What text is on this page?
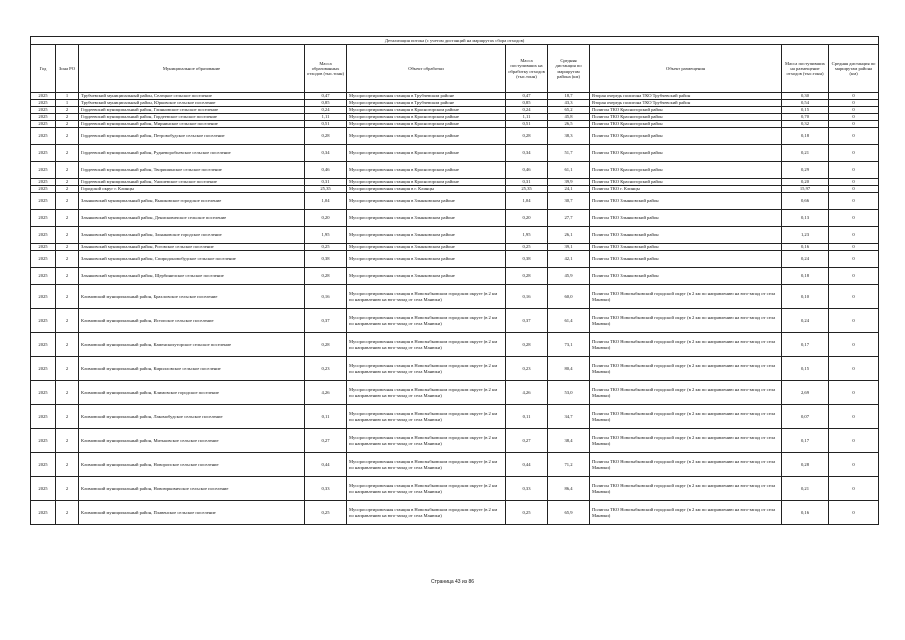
Детализация потока (с учетом дистанций на маршрутах сбора отходов)									
Год	Зона РО	Муниципальное образование	Масса образованных отходов (тыс.тонн)	Объект обработки	Масса поступивших на обработку отходов (тыс.тонн)	Средняя дистанция по маршрутам района (км)	Объект размещения	Масса поступивших на размещение отходов (тыс.тонн)	Средняя дистанция по маршрутам района (км)
2025	1	Трубчевский муниципальный район, Селецкое сельское поселение	0,47	Мусоросортировочная станция в Трубчевском районе	0,47	18,7	Вторая очередь полигона ТКО Трубчевский район	0,30	0
2025	1	Трубчевский муниципальный район, Юрковское сельское поселение	0,85	Мусоросортировочная станция в Трубчевском районе	0,85	43,3	Вторая очередь полигона ТКО Трубчевский район	0,54	0
2025	2	Гордеевский муниципальный район, Глинновское сельское поселение	0,24	Мусоросортировочная станция в Красногорском районе	0,24	65,2	Полигон ТКО Красногорский район	0,15	0
2025	2	Гордеевский муниципальный район, Гордеевское сельское поселение	1,11	Мусоросортировочная станция в Красногорском районе	1,11	45,8	Полигон ТКО Красногорский район	0,70	0
2025	2	Гордеевский муниципальный район, Мирнинское сельское поселение	0,51	Мусоросортировочная станция в Красногорском районе	0,51	26,5	Полигон ТКО Красногорский район	0,32	0
2025	2	Гордеевский муниципальный район, Петровобудское сельское поселение	0,28	Мусоросортировочная станция в Красногорском районе	0,28	38,3	Полигон ТКО Красногорский район	0,18	0
2025	2	Гордеевский муниципальный район, Рудневоробьевское сельское поселение	0,34	Мусоросортировочная станция в Красногорском районе	0,34	51,7	Полигон ТКО Красногорский район	0,21	0
2025	2	Гордеевский муниципальный район, Творишинское сельское поселение	0,46	Мусоросортировочная станция в Красногорском районе	0,46	61,1	Полигон ТКО Красногорский район	0,29	0
2025	2	Гордеевский муниципальный район, Уношевское сельское поселение	0,31	Мусоросортировочная станция в Красногорском районе	0,31	39,9	Полигон ТКО Красногорский район	0,20	0
2025	2	Городской округ г. Клинцы	25,35	Мусоросортировочная станция в г. Клинцы	25,35	24,1	Полигон ТКО г. Клинцы	15,97	0
2025	2	Злынковский муниципальный район, Вышковское городское поселение	1,04	Мусоросортировочная станция в Злынковском районе	1,04	30,7	Полигон ТКО Злынковский район	0,66	0
2025	2	Злынковский муниципальный район, Денисковичское сельское поселение	0,20	Мусоросортировочная станция в Злынковском районе	0,20	27,7	Полигон ТКО Злынковский район	0,13	0
2025	2	Злынковский муниципальный район, Злынковское городское поселение	1,95	Мусоросортировочная станция в Злынковском районе	1,95	26,1	Полигон ТКО Злынковский район	1,23	0
2025	2	Злынковский муниципальный район, Роговское сельское поселение	0,25	Мусоросортировочная станция в Злынковском районе	0,25	39,1	Полигон ТКО Злынковский район	0,16	0
2025	2	Злынковский муниципальный район, Спиридоновобудское сельское поселение	0,38	Мусоросортировочная станция в Злынковском районе	0,38	42,1	Полигон ТКО Злынковский район	0,24	0
2025	2	Злынковский муниципальный район, Щербиничское сельское поселение	0,28	Мусоросортировочная станция в Злынковском районе	0,28	45,9	Полигон ТКО Злынковский район	0,18	0
2025	2	Климовский муниципальный район, Брахловское сельское поселение	0,16	Мусоросортировочная станция в Новозыбковском городском округе (в 2 км по направлению на юго-запад от села Манюки)	0,16	60,0	Полигон ТКО Новозыбковский городской округ (в 2 км по направлению на юго-запад от села Манюки)	0,10	0
2025	2	Климовский муниципальный район, Истопское сельское поселение	0,37	Мусоросортировочная станция в Новозыбковском городском округе (в 2 км по направлению на юго-запад от села Манюки)	0,37	61,4	Полигон ТКО Новозыбковский городской округ (в 2 км по направлению на юго-запад от села Манюки)	0,24	0
2025	2	Климовский муниципальный район, Каменскохуторское сельское поселение	0,28	Мусоросортировочная станция в Новозыбковском городском округе (в 2 км по направлению на юго-запад от села Манюки)	0,28	73,1	Полигон ТКО Новозыбковский городской округ (в 2 км по направлению на юго-запад от села Манюки)	0,17	0
2025	2	Климовский муниципальный район, Кирилловское сельское поселение	0,23	Мусоросортировочная станция в Новозыбковском городском округе (в 2 км по направлению на юго-запад от села Манюки)	0,23	80,4	Полигон ТКО Новозыбковский городской округ (в 2 км по направлению на юго-запад от села Манюки)	0,15	0
2025	2	Климовский муниципальный район, Климовское городское поселение	4,26	Мусоросортировочная станция в Новозыбковском городском округе (в 2 км по направлению на юго-запад от села Манюки)	4,26	53,0	Полигон ТКО Новозыбковский городской округ (в 2 км по направлению на юго-запад от села Манюки)	2,69	0
2025	2	Климовский муниципальный район, Лакомобудское сельское поселение	0,11	Мусоросортировочная станция в Новозыбковском городском округе (в 2 км по направлению на юго-запад от села Манюки)	0,11	34,7	Полигон ТКО Новозыбковский городской округ (в 2 км по направлению на юго-запад от села Манюки)	0,07	0
2025	2	Климовский муниципальный район, Митьковское сельское поселение	0,27	Мусоросортировочная станция в Новозыбковском городском округе (в 2 км по направлению на юго-запад от села Манюки)	0,27	38,4	Полигон ТКО Новозыбковский городской округ (в 2 км по направлению на юго-запад от села Манюки)	0,17	0
2025	2	Климовский муниципальный район, Новоропское сельское поселение	0,44	Мусоросортировочная станция в Новозыбковском городском округе (в 2 км по направлению на юго-запад от села Манюки)	0,44	71,2	Полигон ТКО Новозыбковский городской округ (в 2 км по направлению на юго-запад от села Манюки)	0,28	0
2025	2	Климовский муниципальный район, Новоюрковичское сельское поселение	0,33	Мусоросортировочная станция в Новозыбковском городском округе (в 2 км по направлению на юго-запад от села Манюки)	0,33	86,4	Полигон ТКО Новозыбковский городской округ (в 2 км по направлению на юго-запад от села Манюки)	0,21	0
2025	2	Климовский муниципальный район, Плавенское сельское поселение	0,25	Мусоросортировочная станция в Новозыбковском городском округе (в 2 км по направлению на юго-запад от села Манюки)	0,25	65,9	Полигон ТКО Новозыбковский городской округ (в 2 км по направлению на юго-запад от села Манюки)	0,16	0
Страница 43 из 86
